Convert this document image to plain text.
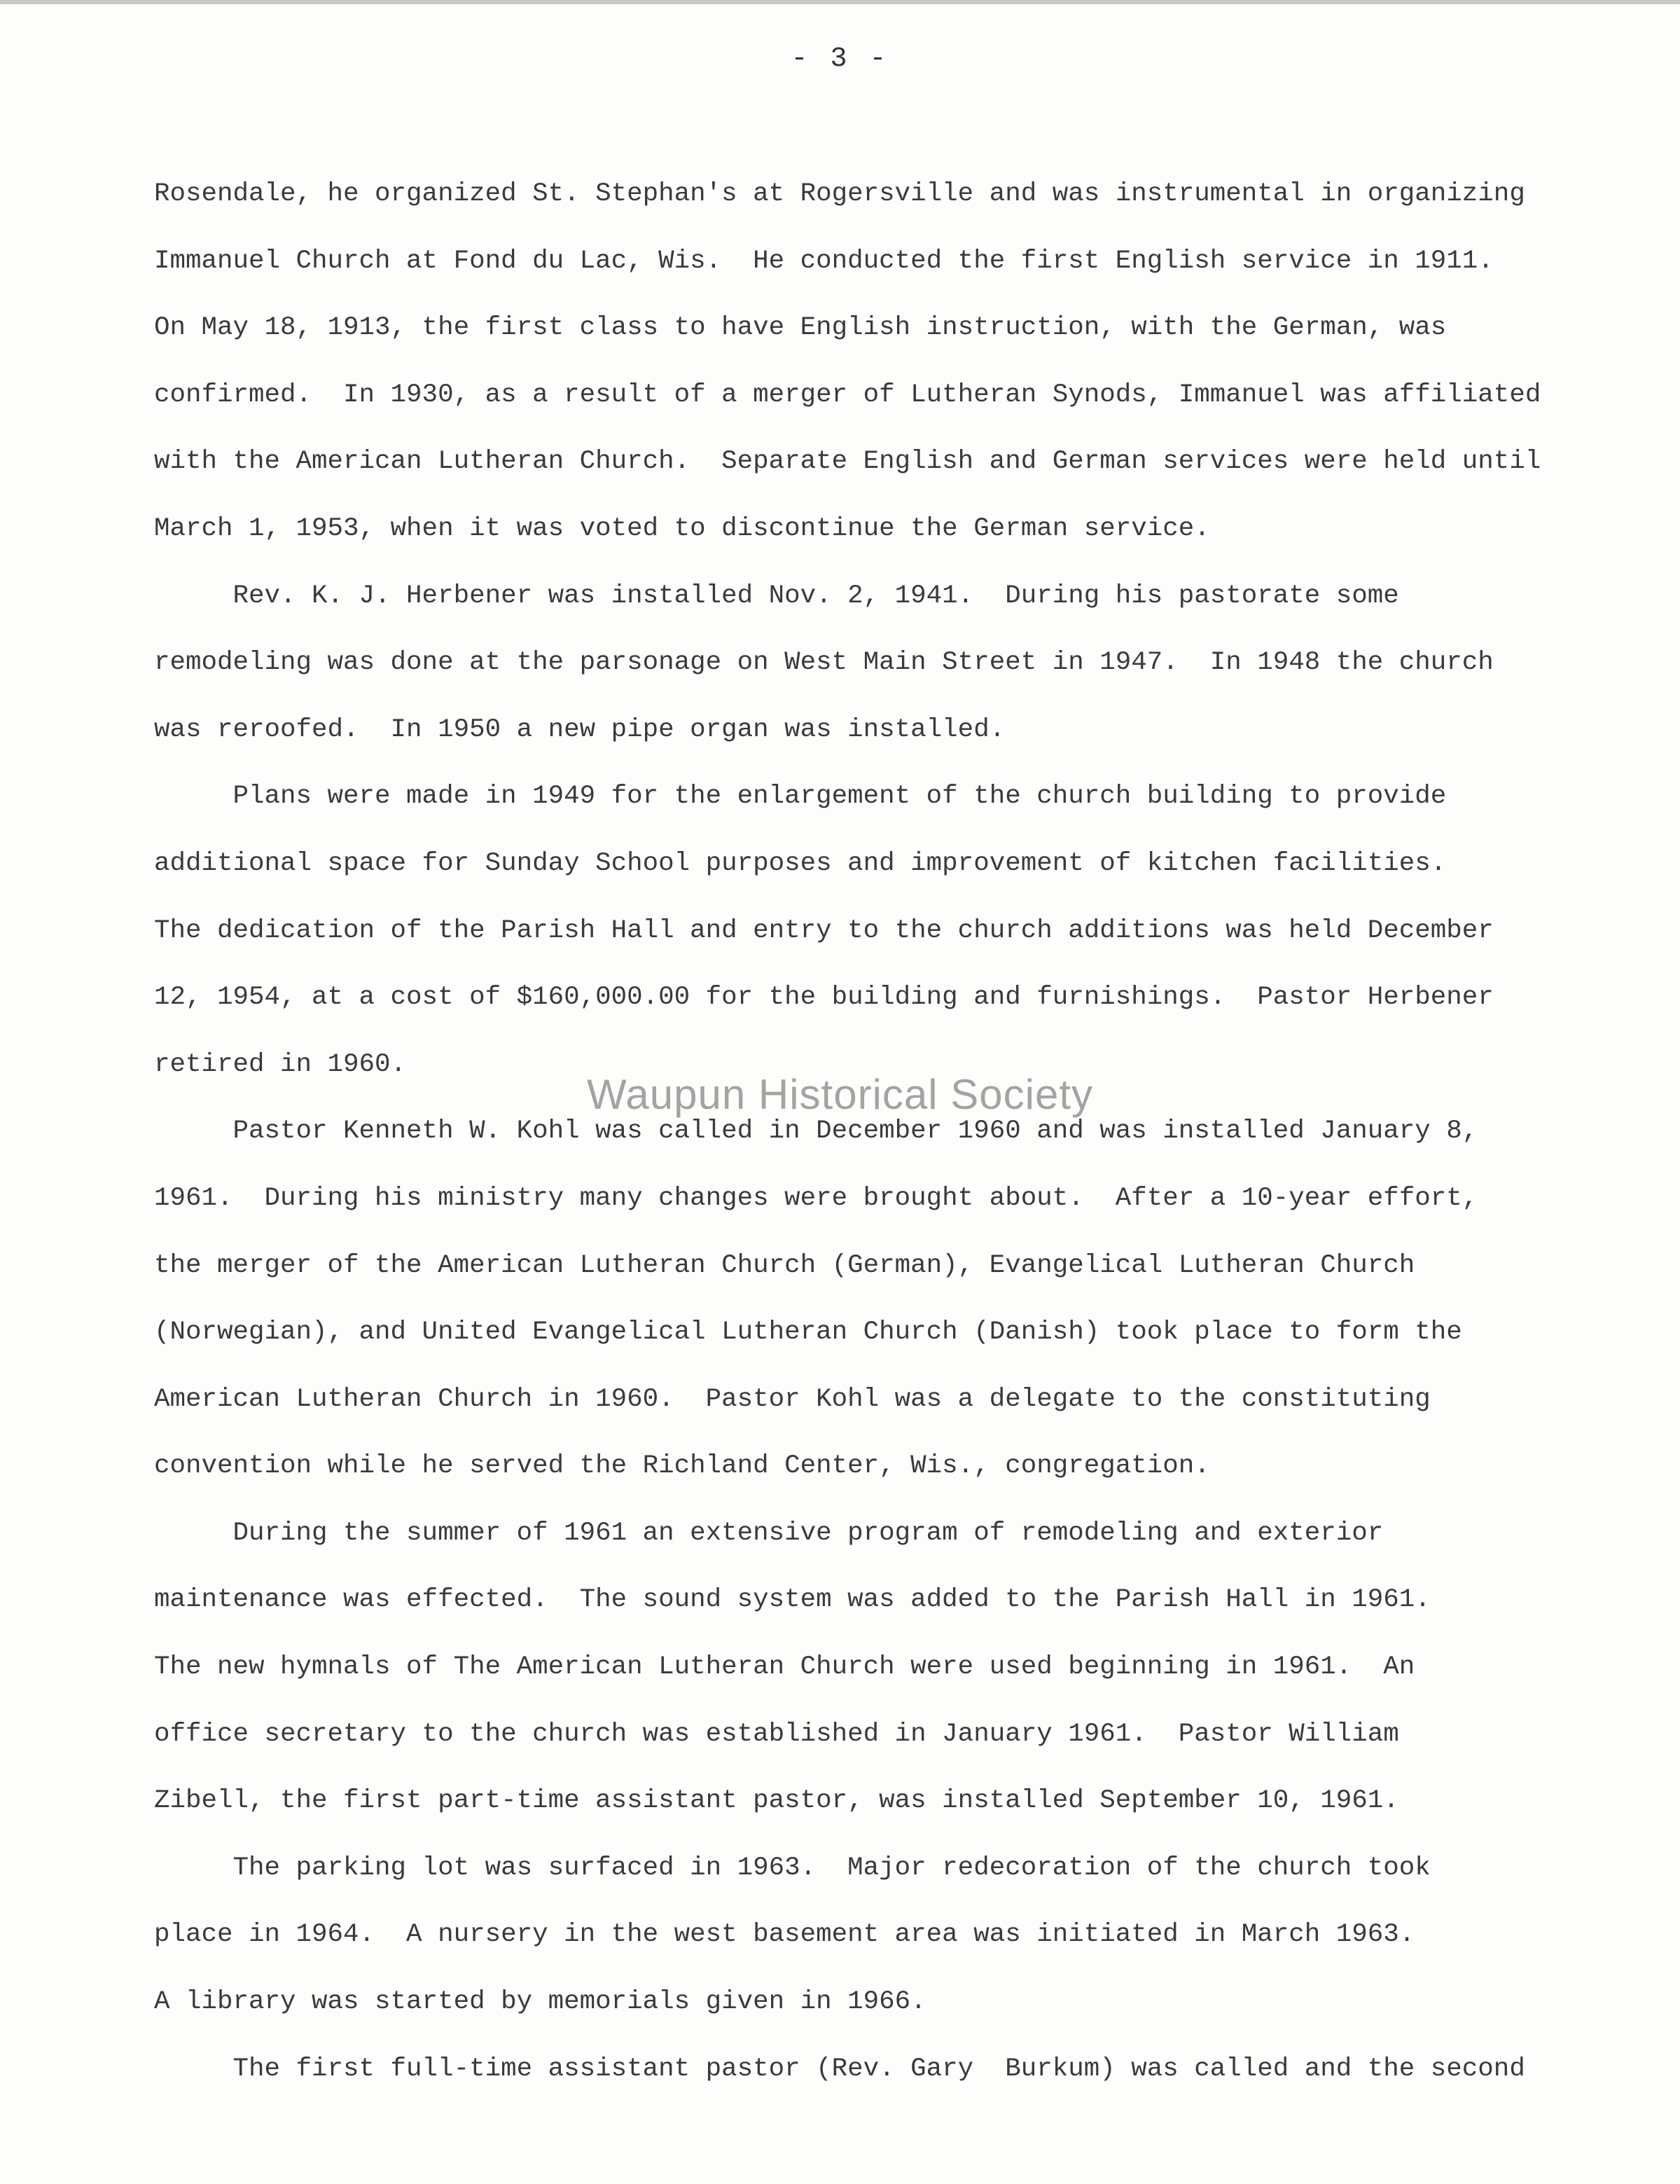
- 3 -

Rosendale, he organized St. Stephan's at Rogersville and was instrumental in organizing
Immanuel Church at Fond du Lac, Wis.  He conducted the first English service in 1911.
On May 18, 1913, the first class to have English instruction, with the German, was
confirmed.  In 1930, as a result of a merger of Lutheran Synods, Immanuel was affiliated
with the American Lutheran Church.  Separate English and German services were held until
March 1, 1953, when it was voted to discontinue the German service.

Rev. K. J. Herbener was installed Nov. 2, 1941.  During his pastorate some
remodeling was done at the parsonage on West Main Street in 1947.  In 1948 the church
was reroofed.  In 1950 a new pipe organ was installed.

Plans were made in 1949 for the enlargement of the church building to provide
additional space for Sunday School purposes and improvement of kitchen facilities.
The dedication of the Parish Hall and entry to the church additions was held December
12, 1954, at a cost of $160,000.00 for the building and furnishings.  Pastor Herbener
retired in 1960.

Pastor Kenneth W. Kohl was called in December 1960 and was installed January 8,
1961.  During his ministry many changes were brought about.  After a 10-year effort,
the merger of the American Lutheran Church (German), Evangelical Lutheran Church
(Norwegian), and United Evangelical Lutheran Church (Danish) took place to form the
American Lutheran Church in 1960.  Pastor Kohl was a delegate to the constituting
convention while he served the Richland Center, Wis., congregation.

During the summer of 1961 an extensive program of remodeling and exterior
maintenance was effected.  The sound system was added to the Parish Hall in 1961.
The new hymnals of The American Lutheran Church were used beginning in 1961.  An
office secretary to the church was established in January 1961.  Pastor William
Zibell, the first part-time assistant pastor, was installed September 10, 1961.

The parking lot was surfaced in 1963.  Major redecoration of the church took
place in 1964.  A nursery in the west basement area was initiated in March 1963.
A library was started by memorials given in 1966.

The first full-time assistant pastor (Rev. Gary  Burkum) was called and the second

Waupun Historical Society
